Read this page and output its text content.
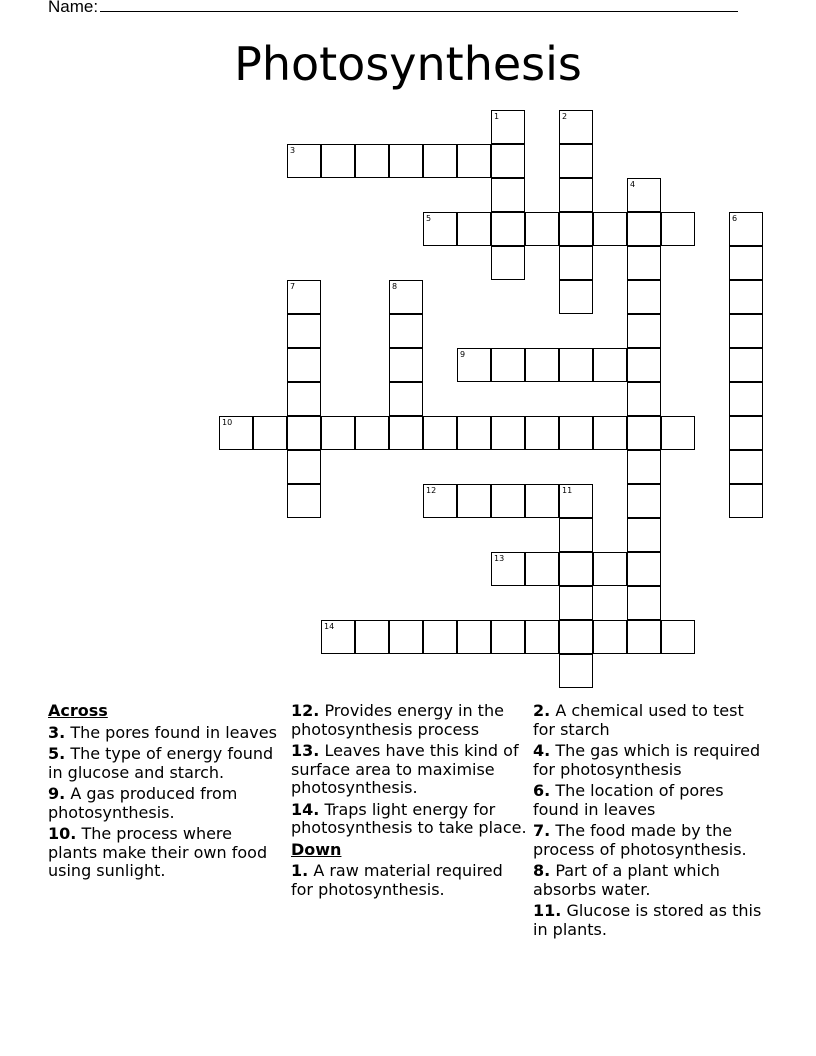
Name:
Photosynthesis
3
5
9
10
12	11
13
14
1	2
4
6
7	8
Across
3. The pores found in leaves
5. The type of energy found in glucose and starch.
9. A gas produced from photosynthesis.
10. The process where plants make their own food using sunlight.
12. Provides energy in the photosynthesis process
13. Leaves have this kind of surface area to maximise photosynthesis.
14. Traps light energy for photosynthesis to take place.
Down
1. A raw material required for photosynthesis.
2. A chemical used to test for starch
4. The gas which is required for photosynthesis
6. The location of pores found in leaves
7. The food made by the process of photosynthesis.
8. Part of a plant which absorbs water.
11. Glucose is stored as this in plants.
